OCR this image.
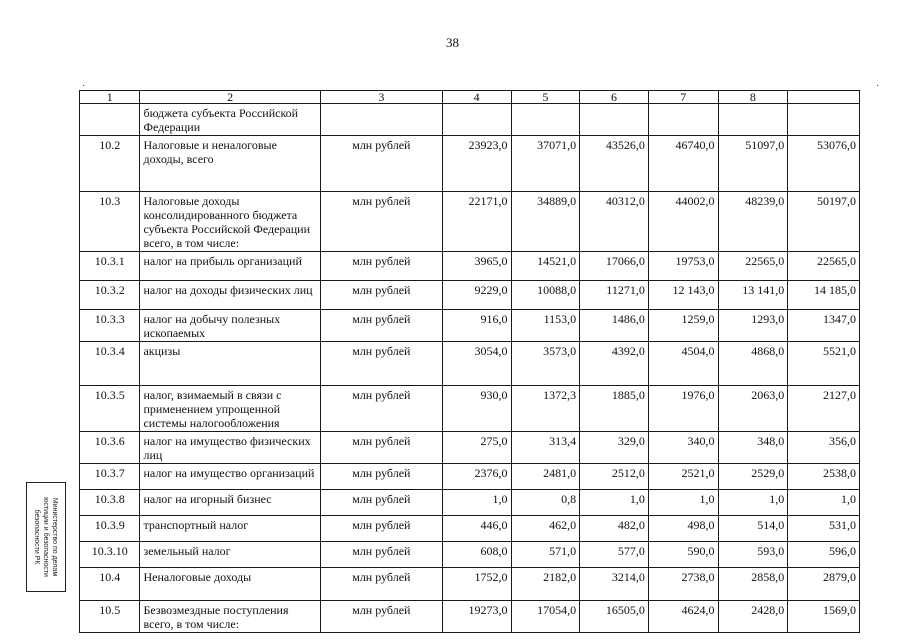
38
·	·
1	2	3	4	5	6	7	8	
	бюджета субъекта Российской Федерации							
10.2	Налоговые и неналоговые доходы, всего	млн рублей	23923,0	37071,0	43526,0	46740,0	51097,0	53076,0
10.3	Налоговые доходы консолидированного бюджета субъекта Российской Федерации всего, в том числе:	млн рублей	22171,0	34889,0	40312,0	44002,0	48239,0	50197,0
10.3.1	налог на прибыль организаций	млн рублей	3965,0	14521,0	17066,0	19753,0	22565,0	22565,0
10.3.2	налог на доходы физических лиц	млн рублей	9229,0	10088,0	11271,0	12 143,0	13 141,0	14 185,0
10.3.3	налог на добычу полезных ископаемых	млн рублей	916,0	1153,0	1486,0	1259,0	1293,0	1347,0
10.3.4	акцизы	млн рублей	3054,0	3573,0	4392,0	4504,0	4868,0	5521,0
10.3.5	налог, взимаемый в связи с применением упрощенной системы налогообложения	млн рублей	930,0	1372,3	1885,0	1976,0	2063,0	2127,0
10.3.6	налог на имущество физических лиц	млн рублей	275,0	313,4	329,0	340,0	348,0	356,0
10.3.7	налог на имущество организаций	млн рублей	2376,0	2481,0	2512,0	2521,0	2529,0	2538,0
10.3.8	налог на игорный бизнес	млн рублей	1,0	0,8	1,0	1,0	1,0	1,0
10.3.9	транспортный налог	млн рублей	446,0	462,0	482,0	498,0	514,0	531,0
10.3.10	земельный налог	млн рублей	608,0	571,0	577,0	590,0	593,0	596,0
10.4	Неналоговые доходы	млн рублей	1752,0	2182,0	3214,0	2738,0	2858,0	2879,0
10.5	Безвозмездные поступления всего, в том числе:	млн рублей	19273,0	17054,0	16505,0	4624,0	2428,0	1569,0
Министерство по делам
юстиции и безопасности
безопасности РК
